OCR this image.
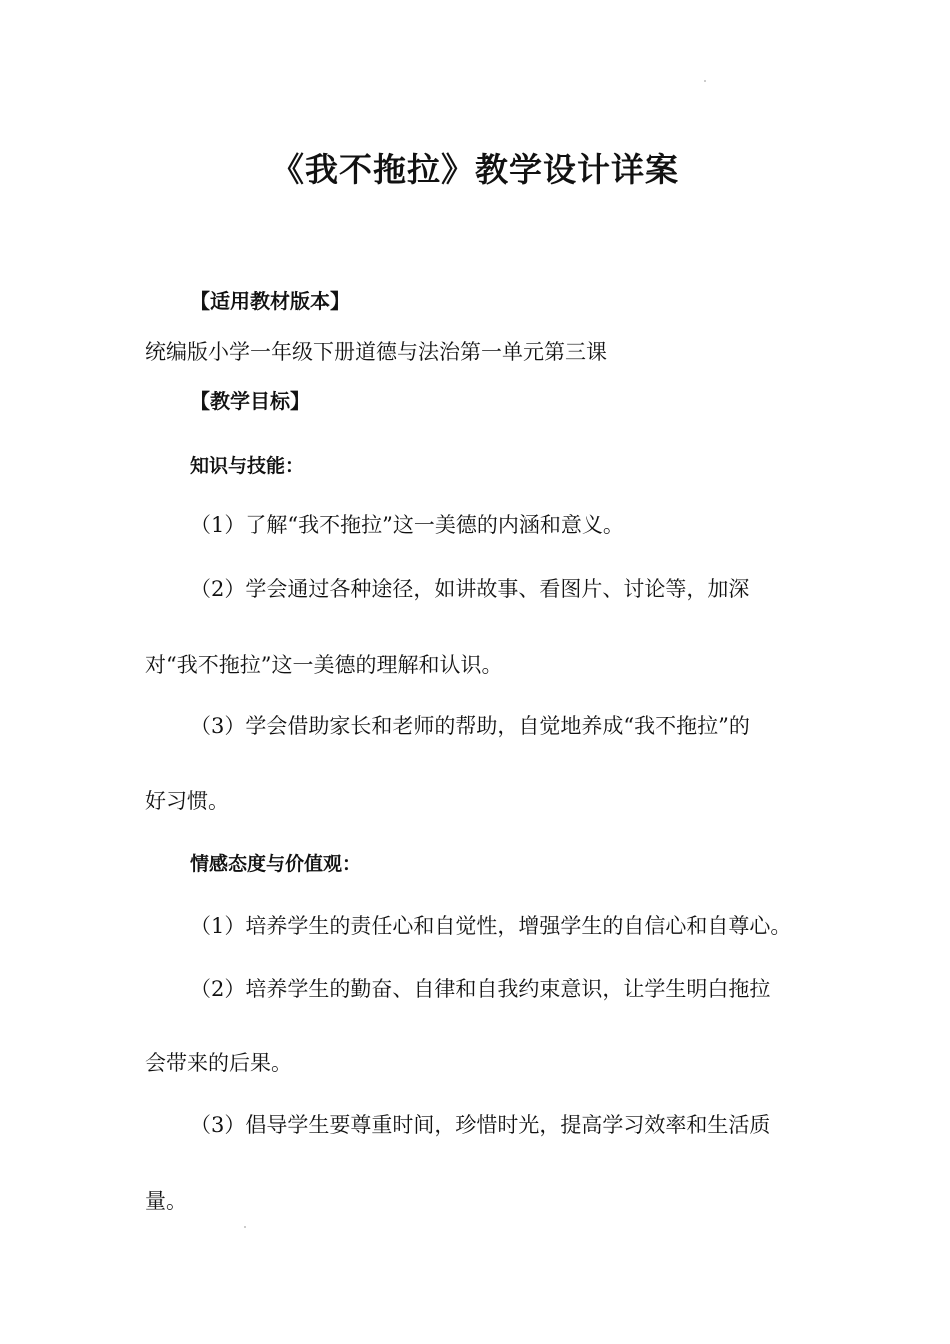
《我不拖拉》教学设计详案
【适用教材版本】
统编版小学一年级下册道德与法治第一单元第三课
【教学目标】
知识与技能：
（1）了解“我不拖拉”这一美德的内涵和意义。
（2）学会通过各种途径，如讲故事、看图片、讨论等，加深
对“我不拖拉”这一美德的理解和认识。
（3）学会借助家长和老师的帮助，自觉地养成“我不拖拉”的
好习惯。
情感态度与价值观：
（1）培养学生的责任心和自觉性，增强学生的自信心和自尊心。
（2）培养学生的勤奋、自律和自我约束意识，让学生明白拖拉
会带来的后果。
（3）倡导学生要尊重时间，珍惜时光，提高学习效率和生活质
量。
